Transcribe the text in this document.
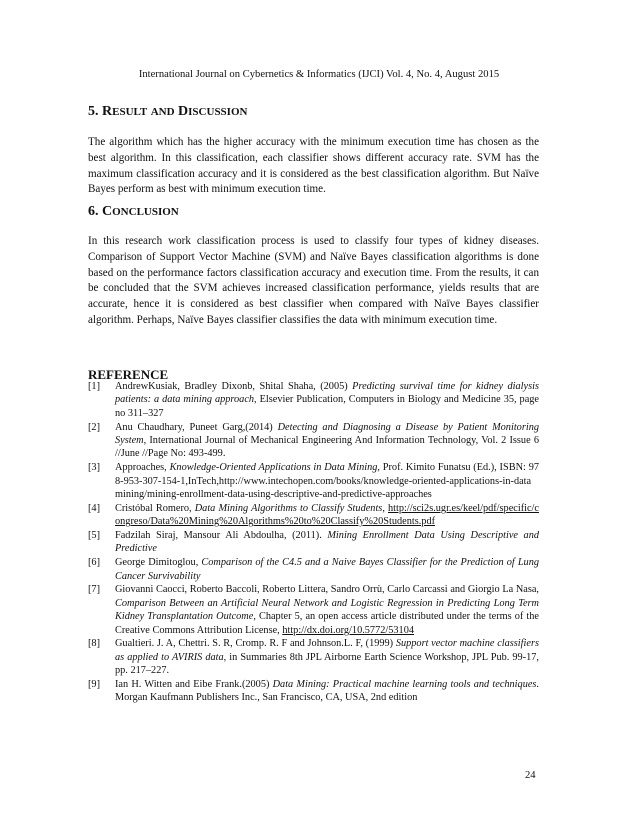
International Journal on Cybernetics & Informatics (IJCI) Vol. 4, No. 4, August 2015
5. RESULT AND DISCUSSION

The algorithm which has the higher accuracy with the minimum execution time has chosen as the best algorithm. In this classification, each classifier shows different accuracy rate. SVM has the maximum classification accuracy and it is considered as the best classification algorithm. But Naïve Bayes perform as best with minimum execution time.

6. CONCLUSION

In this research work classification process is used to classify four types of kidney diseases. Comparison of Support Vector Machine (SVM) and Naïve Bayes classification algorithms is done based on the performance factors classification accuracy and execution time. From the results, it can be concluded that the SVM achieves increased classification performance, yields results that are accurate, hence it is considered as best classifier when compared with Naïve Bayes classifier algorithm. Perhaps, Naïve Bayes classifier classifies the data with minimum execution time.

REFERENCE
[1]	AndrewKusiak, Bradley Dixonb, Shital Shaha, (2005) Predicting survival time for kidney dialysis patients: a data mining approach, Elsevier Publication, Computers in Biology and Medicine 35, page no 311–327
[2]	Anu Chaudhary, Puneet Garg,(2014) Detecting and Diagnosing a Disease by Patient Monitoring System, International Journal of Mechanical Engineering And Information Technology, Vol. 2 Issue 6 //June //Page No: 493-499.
[3]	Approaches, Knowledge-Oriented Applications in Data Mining, Prof. Kimito Funatsu (Ed.), ISBN: 978-953-307-154-1,InTech,http://www.intechopen.com/books/knowledge-oriented-applications-in-datamining/mining-enrollment-data-using-descriptive-and-predictive-approaches
[4]	Cristóbal Romero, Data Mining Algorithms to Classify Students, http://sci2s.ugr.es/keel/pdf/specific/congreso/Data%20Mining%20Algorithms%20to%20Classify%20Students.pdf
[5]	Fadzilah Siraj, Mansour Ali Abdoulha, (2011). Mining Enrollment Data Using Descriptive and Predictive
[6]	George Dimitoglou, Comparison of the C4.5 and a Naive Bayes Classifier for the Prediction of Lung Cancer Survivability
[7]	Giovanni Caocci, Roberto Baccoli, Roberto Littera, Sandro Orrù, Carlo Carcassi and Giorgio La Nasa, Comparison Between an Artificial Neural Network and Logistic Regression in Predicting Long Term Kidney Transplantation Outcome, Chapter 5, an open access article distributed under the terms of the Creative Commons Attribution License, http://dx.doi.org/10.5772/53104
[8]	Gualtieri. J. A, Chettri. S. R, Cromp. R. F and Johnson.L. F, (1999) Support vector machine classifiers as applied to AVIRIS data, in Summaries 8th JPL Airborne Earth Science Workshop, JPL Pub. 99-17, pp. 217–227.
[9]	Ian H. Witten and Eibe Frank.(2005) Data Mining: Practical machine learning tools and techniques. Morgan Kaufmann Publishers Inc., San Francisco, CA, USA, 2nd edition
24
